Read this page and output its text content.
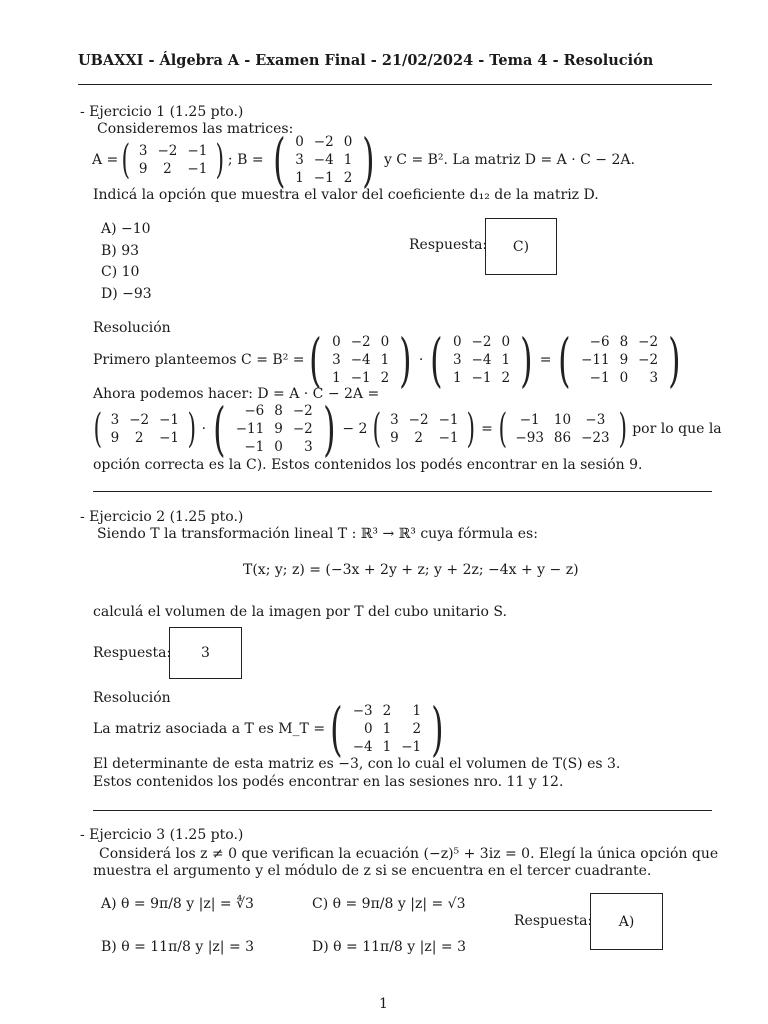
UBAXXI - Álgebra A - Examen Final - 21/02/2024 - Tema 4 - Resolución
- Ejercicio 1 (1.25 pto.)
Consideremos las matrices:
A = ( 3	−2	−1
9	2	−1 ) ; B = ( 0	−2	0
3	−4	1
1	−1	2 ) y C = B². La matriz D = A · C − 2A.
Indicá la opción que muestra el valor del coeficiente d₁₂ de la matriz D.
A) −10
B) 93
C) 10
D) −93
Respuesta: C)
Resolución
Primero planteemos C = B² = ( 0	−2	0
3	−4	1
1	−1	2 ) · ( 0	−2	0
3	−4	1
1	−1	2 ) = ( −6	8	−2
−11	9	−2
−1	0	3 )
Ahora podemos hacer: D = A · C − 2A =
( 3	−2	−1
9	2	−1 ) · ( −6	8	−2
−11	9	−2
−1	0	3 ) − 2 ( 3	−2	−1
9	2	−1 ) = ( −1	10	−3
−93	86	−23 ) por lo que la
opción correcta es la C). Estos contenidos los podés encontrar en la sesión 9.
- Ejercicio 2 (1.25 pto.)
Siendo T la transformación lineal T : ℝ³ → ℝ³ cuya fórmula es:
T(x; y; z) = (−3x + 2y + z; y + 2z; −4x + y − z)
calculá el volumen de la imagen por T del cubo unitario S.
Respuesta: 3
Resolución
La matriz asociada a T es M_T = ( −3	2	1
0	1	2
−4	1	−1 )
El determinante de esta matriz es −3, con lo cual el volumen de T(S) es 3.
Estos contenidos los podés encontrar en las sesiones nro. 11 y 12.
- Ejercicio 3 (1.25 pto.)
Considerá los z ≠ 0 que verifican la ecuación (−z)⁵ + 3iz = 0. Elegí la única opción que
muestra el argumento y el módulo de z si se encuentra en el tercer cuadrante.
A) θ = 9π/8 y |z| = ∜3	C) θ = 9π/8 y |z| = √3
B) θ = 11π/8 y |z| = 3	D) θ = 11π/8 y |z| = 3
Respuesta: A)
1
